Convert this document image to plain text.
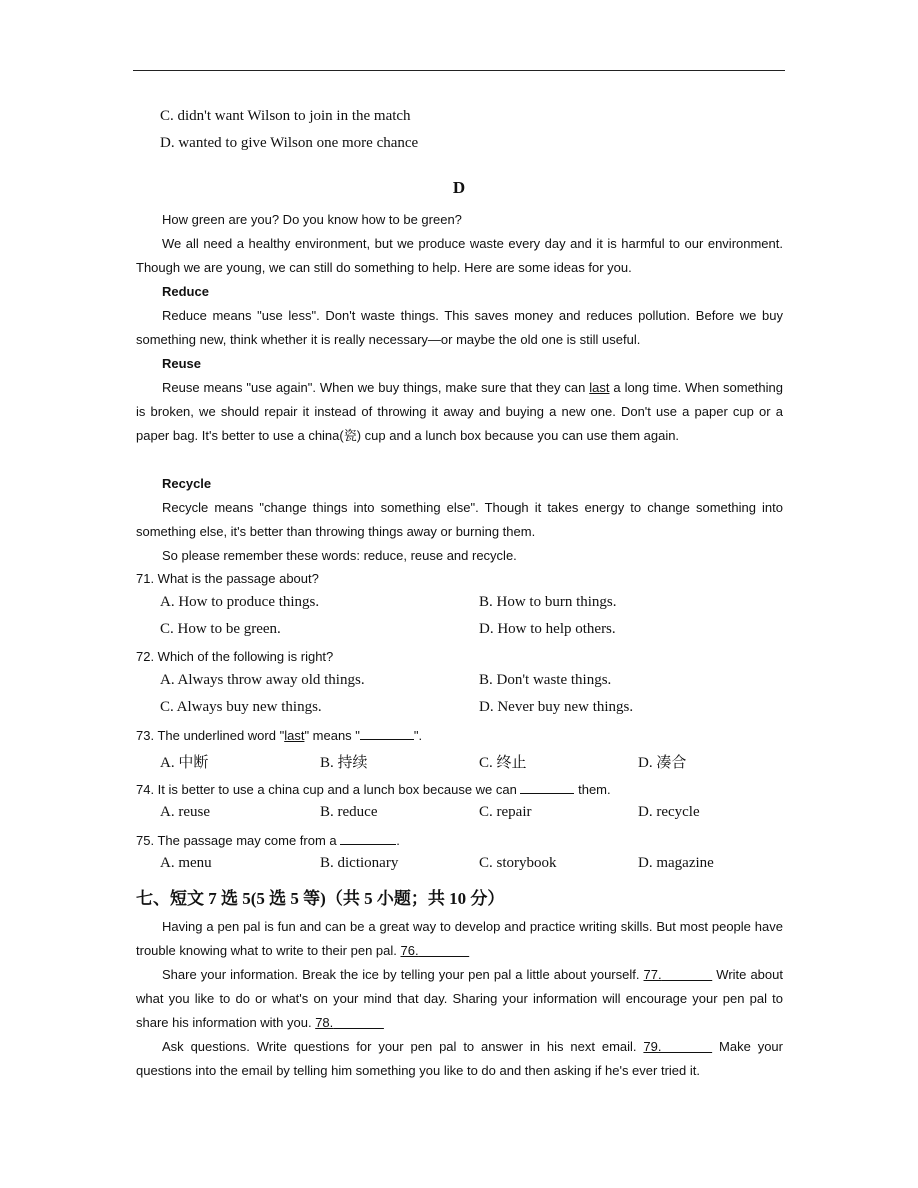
C. didn't want Wilson to join in the match
D. wanted to give Wilson one more chance
D

How green are you? Do you know how to be green?

We all need a healthy environment, but we produce waste every day and it is harmful to our environment. Though we are young, we can still do something to help. Here are some ideas for you.

Reduce

Reduce means "use less". Don't waste things. This saves money and reduces pollution. Before we buy something new, think whether it is really necessary—or maybe the old one is still useful.

Reuse

Reuse means "use again". When we buy things, make sure that they can last a long time. When something is broken, we should repair it instead of throwing it away and buying a new one. Don't use a paper cup or a paper bag. It's better to use a china(瓷) cup and a lunch box because you can use them again.

Recycle

Recycle means "change things into something else". Though it takes energy to change something into something else, it's better than throwing things away or burning them.

So please remember these words: reduce, reuse and recycle.

71. What is the passage about?
A. How to produce things.	B. How to burn things.
C. How to be green.	D. How to help others.
72. Which of the following is right?
A. Always throw away old things.	B. Don't waste things.
C. Always buy new things.	D. Never buy new things.
73. The underlined word "last" means "	".
A. 中断	B. 持续	C. 终止	D. 凑合
74. It is better to use a china cup and a lunch box because we can	them.
A. reuse	B. reduce	C. repair	D. recycle
75. The passage may come from a	.
A. menu	B. dictionary	C. storybook	D. magazine
七、短文 7 选 5(5 选 5 等)（共 5 小题；共 10 分）

Having a pen pal is fun and can be a great way to develop and practice writing skills. But most people have trouble knowing what to write to their pen pal. 76.       

Share your information. Break the ice by telling your pen pal a little about yourself. 77.       	Write about what you like to do or what's on your mind that day. Sharing your information will encourage your pen pal to share his information with you. 78.       

Ask questions. Write questions for your pen pal to answer in his next email. 79.       	Make your questions into the email by telling him something you like to do and then asking if he's ever tried it.
